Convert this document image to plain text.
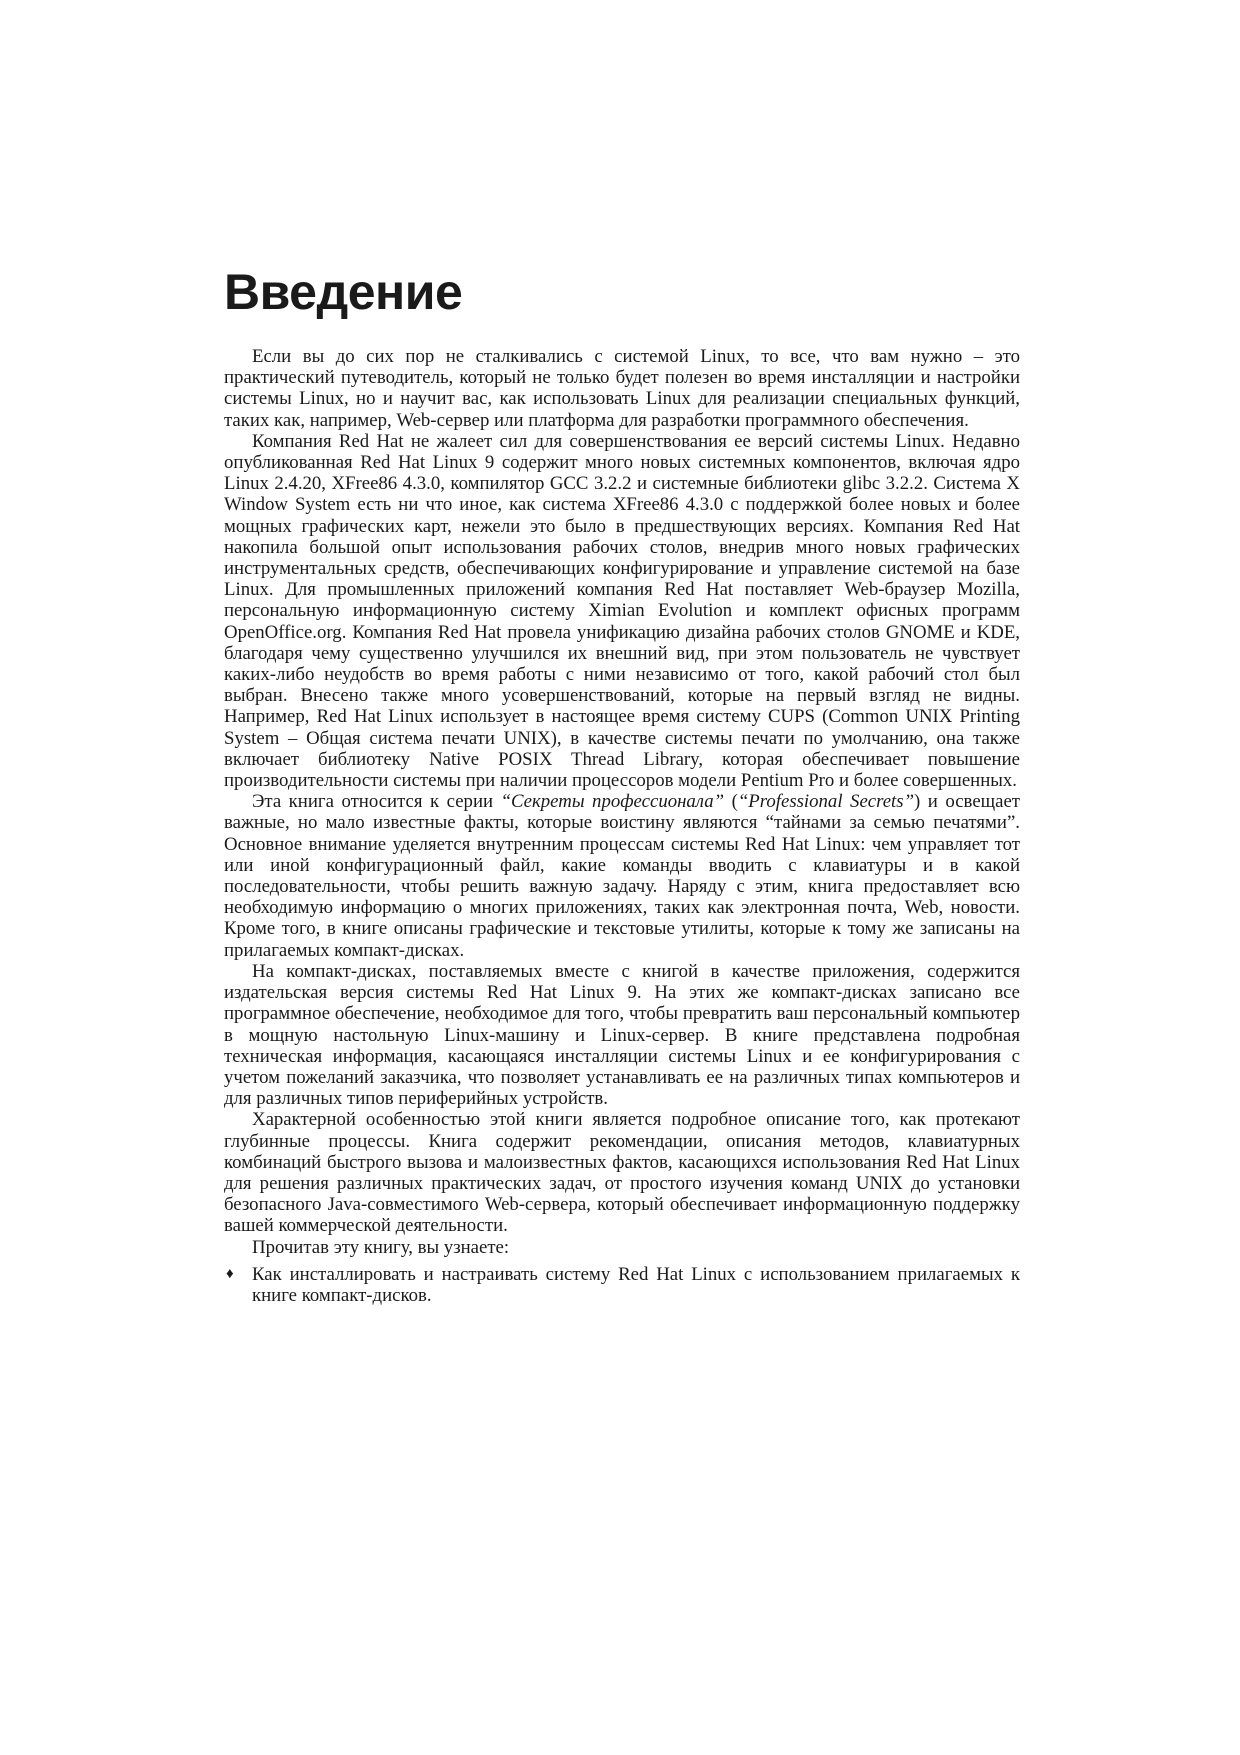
Введение

Если вы до сих пор не сталкивались с системой Linux, то все, что вам нужно – это практический путеводитель, который не только будет полезен во время инсталляции и настройки системы Linux, но и научит вас, как использовать Linux для реализации специальных функций, таких как, например, Web-сервер или платформа для разработки программного обеспечения.

Компания Red Hat не жалеет сил для совершенствования ее версий системы Linux. Недавно опубликованная Red Hat Linux 9 содержит много новых системных компонентов, включая ядро Linux 2.4.20, XFree86 4.3.0, компилятор GCC 3.2.2 и системные библиотеки glibc 3.2.2. Система X Window System есть ни что иное, как система XFree86 4.3.0 с поддержкой более новых и более мощных графических карт, нежели это было в предшествующих версиях. Компания Red Hat накопила большой опыт использования рабочих столов, внедрив много новых графических инструментальных средств, обеспечивающих конфигурирование и управление системой на базе Linux. Для промышленных приложений компания Red Hat поставляет Web-браузер Mozilla, персональную информационную систему Ximian Evolution и комплект офисных программ OpenOffice.org. Компания Red Hat провела унификацию дизайна рабочих столов GNOME и KDE, благодаря чему существенно улучшился их внешний вид, при этом пользователь не чувствует каких-либо неудобств во время работы с ними независимо от того, какой рабочий стол был выбран. Внесено также много усовершенствований, которые на первый взгляд не видны. Например, Red Hat Linux использует в настоящее время систему CUPS (Common UNIX Printing System – Общая система печати UNIX), в качестве системы печати по умолчанию, она также включает библиотеку Native POSIX Thread Library, которая обеспечивает повышение производительности системы при наличии процессоров модели Pentium Pro и более совершенных.

Эта книга относится к серии “Секреты профессионала” (“Professional Secrets”) и освещает важные, но мало известные факты, которые воистину являются “тайнами за семью печатями”. Основное внимание уделяется внутренним процессам системы Red Hat Linux: чем управляет тот или иной конфигурационный файл, какие команды вводить с клавиатуры и в какой последовательности, чтобы решить важную задачу. Наряду с этим, книга предоставляет всю необходимую информацию о многих приложениях, таких как электронная почта, Web, новости. Кроме того, в книге описаны графические и текстовые утилиты, которые к тому же записаны на прилагаемых компакт-дисках.

На компакт-дисках, поставляемых вместе с книгой в качестве приложения, содержится издательская версия системы Red Hat Linux 9. На этих же компакт-дисках записано все программное обеспечение, необходимое для того, чтобы превратить ваш персональный компьютер в мощную настольную Linux-машину и Linux-сервер. В книге представлена подробная техническая информация, касающаяся инсталляции системы Linux и ее конфигурирования с учетом пожеланий заказчика, что позволяет устанавливать ее на различных типах компьютеров и для различных типов периферийных устройств.

Характерной особенностью этой книги является подробное описание того, как протекают глубинные процессы. Книга содержит рекомендации, описания методов, клавиатурных комбинаций быстрого вызова и малоизвестных фактов, касающихся использования Red Hat Linux для решения различных практических задач, от простого изучения команд UNIX до установки безопасного Java-совместимого Web-сервера, который обеспечивает информационную поддержку вашей коммерческой деятельности.

Прочитав эту книгу, вы узнаете:

♦ Как инсталлировать и настраивать систему Red Hat Linux с использованием прилагаемых к книге компакт-дисков.
